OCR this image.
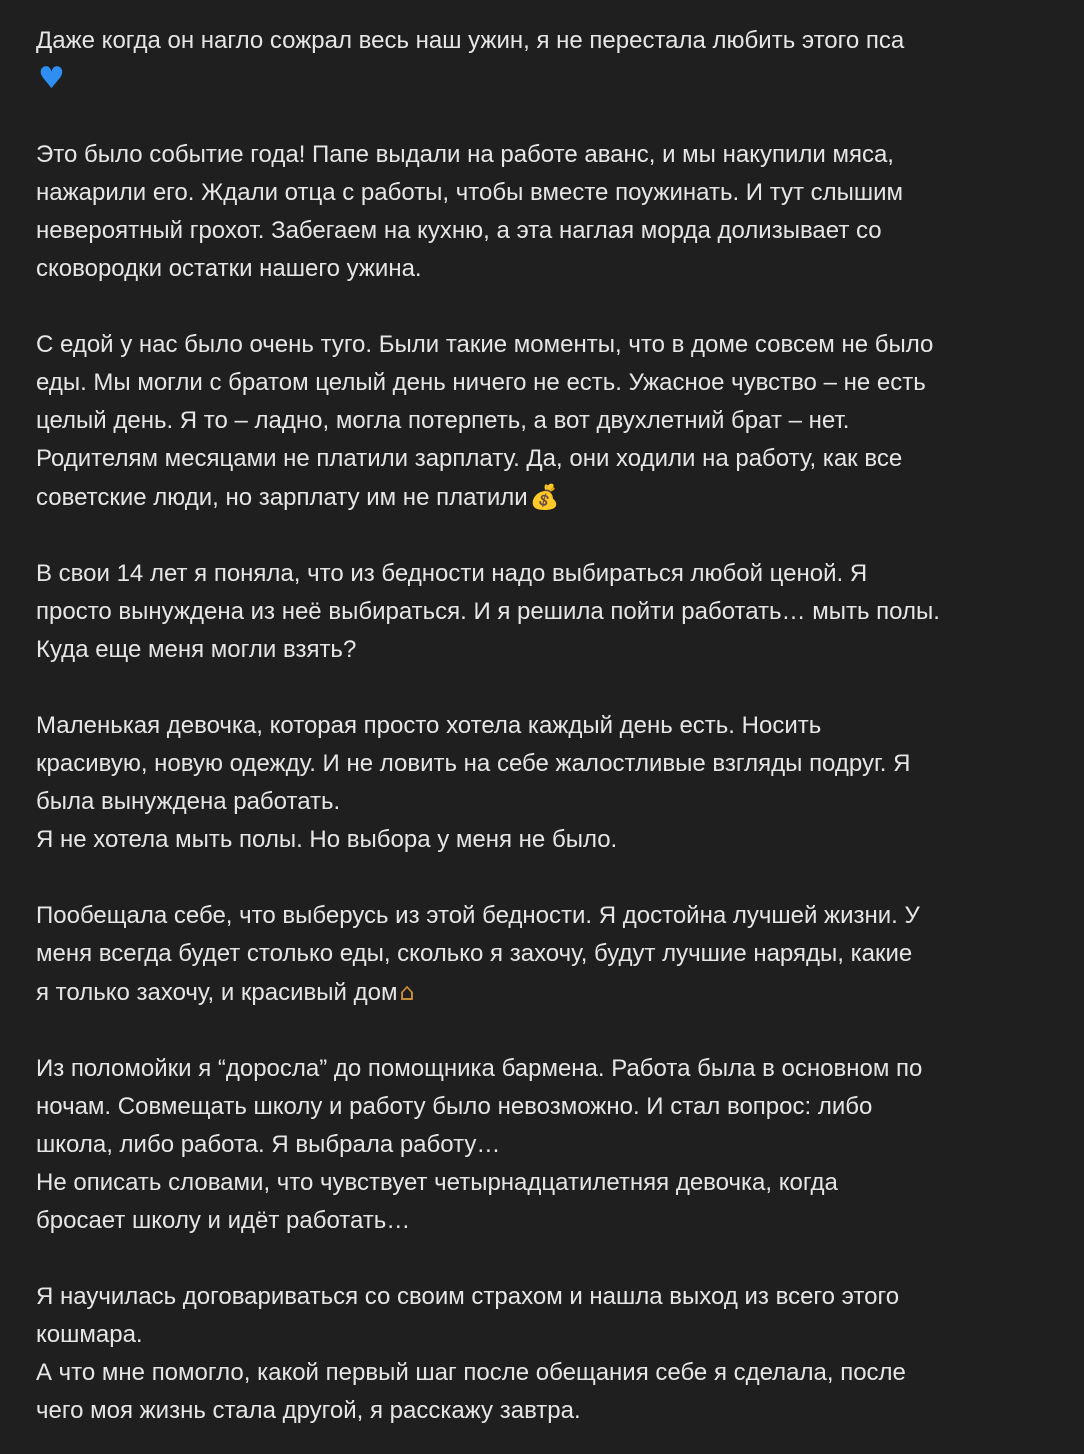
Даже когда он нагло сожрал весь наш ужин, я не перестала любить этого пса
♥

Это было событие года! Папе выдали на работе аванс, и мы накупили мяса,
нажарили его. Ждали отца с работы, чтобы вместе поужинать. И тут слышим
невероятный грохот. Забегаем на кухню, а эта наглая морда долизывает со
сковородки остатки нашего ужина.

С едой у нас было очень туго. Были такие моменты, что в доме совсем не было
еды. Мы могли с братом целый день ничего не есть. Ужасное чувство – не есть
целый день. Я то – ладно, могла потерпеть, а вот двухлетний брат – нет.
Родителям месяцами не платили зарплату. Да, они ходили на работу, как все
советские люди, но зарплату им не платили💰

В свои 14 лет я поняла, что из бедности надо выбираться любой ценой. Я
просто вынуждена из неё выбираться. И я решила пойти работать… мыть полы.
Куда еще меня могли взять?

Маленькая девочка, которая просто хотела каждый день есть. Носить
красивую, новую одежду. И не ловить на себе жалостливые взгляды подруг. Я
была вынуждена работать.
Я не хотела мыть полы. Но выбора у меня не было.

Пообещала себе, что выберусь из этой бедности. Я достойна лучшей жизни. У
меня всегда будет столько еды, сколько я захочу, будут лучшие наряды, какие
я только захочу, и красивый дом⌂

Из поломойки я “доросла” до помощника бармена. Работа была в основном по
ночам. Совмещать школу и работу было невозможно. И стал вопрос: либо
школа, либо работа. Я выбрала работу…
Не описать словами, что чувствует четырнадцатилетняя девочка, когда
бросает школу и идёт работать…

Я научилась договариваться со своим страхом и нашла выход из всего этого
кошмара.
А что мне помогло, какой первый шаг после обещания себе я сделала, после
чего моя жизнь стала другой, я расскажу завтра.
